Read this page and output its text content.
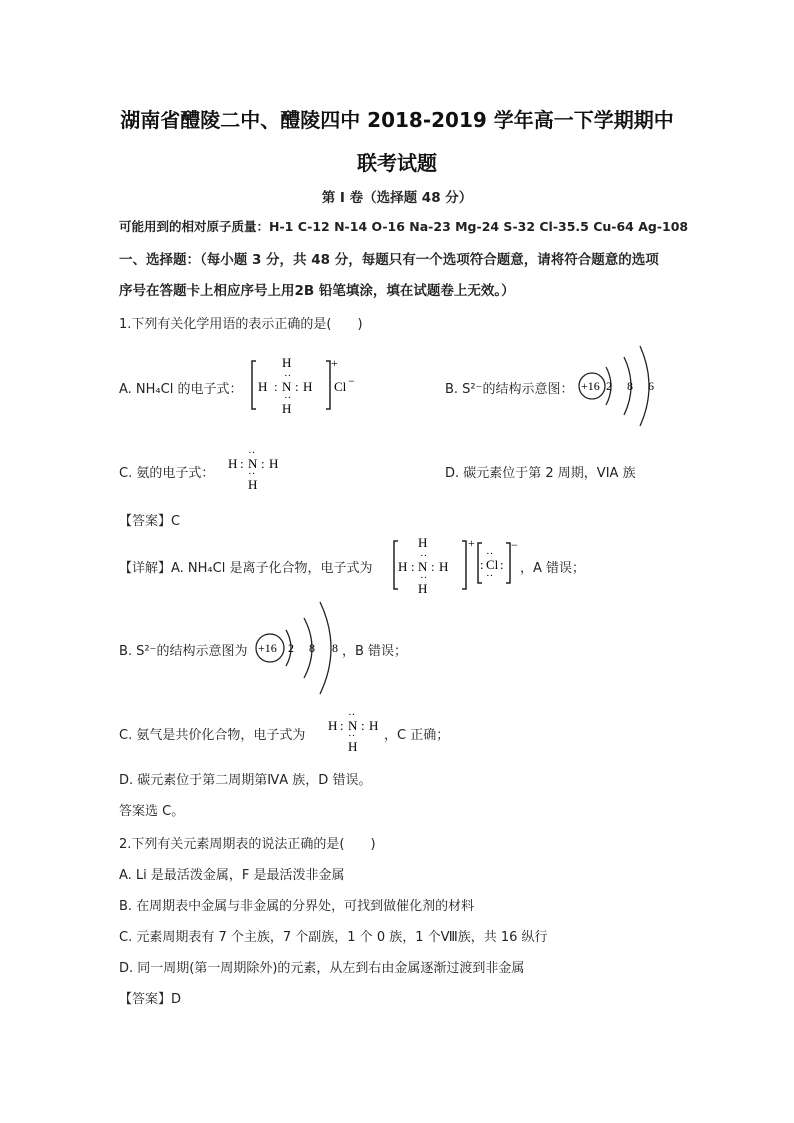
湖南省醴陵二中、醴陵四中 2018-2019 学年高一下学期期中
联考试题
第 I 卷（选择题 48 分）
可能用到的相对原子质量：H-1 C-12 N-14 O-16 Na-23 Mg-24 S-32 Cl-35.5 Cu-64 Ag-108
一、选择题：（每小题 3 分，共 48 分，每题只有一个选项符合题意，请将符合题意的选项
序号在答题卡上相应序号上用2B 铅笔填涂，填在试题卷上无效。）
1.下列有关化学用语的表示正确的是(　　)
A. NH₄Cl 的电子式：
H
H : N : H
··
··
H
+
Cl −
B. S²⁻的结构示意图： +16 2 8 6
C. 氨的电子式：
··
H : N : H
··
H
D. 碳元素位于第 2 周期，VIA 族
【答案】C
【详解】A. NH₄Cl 是离子化合物，电子式为
H
H : N : H
··
··
H
+
: Cl :
··
··
−
，A 错误；
B. S²⁻的结构示意图为 +16 2 8 8 ，B 错误；
C. 氨气是共价化合物，电子式为
··
H : N : H
··
H
，C 正确；
D. 碳元素位于第二周期第ⅣA 族，D 错误。
答案选 C。
2.下列有关元素周期表的说法正确的是(　　)
A. Li 是最活泼金属，F 是最活泼非金属
B. 在周期表中金属与非金属的分界处，可找到做催化剂的材料
C. 元素周期表有 7 个主族，7 个副族，1 个 0 族，1 个Ⅷ族，共 16 纵行
D. 同一周期(第一周期除外)的元素，从左到右由金属逐渐过渡到非金属
【答案】D
